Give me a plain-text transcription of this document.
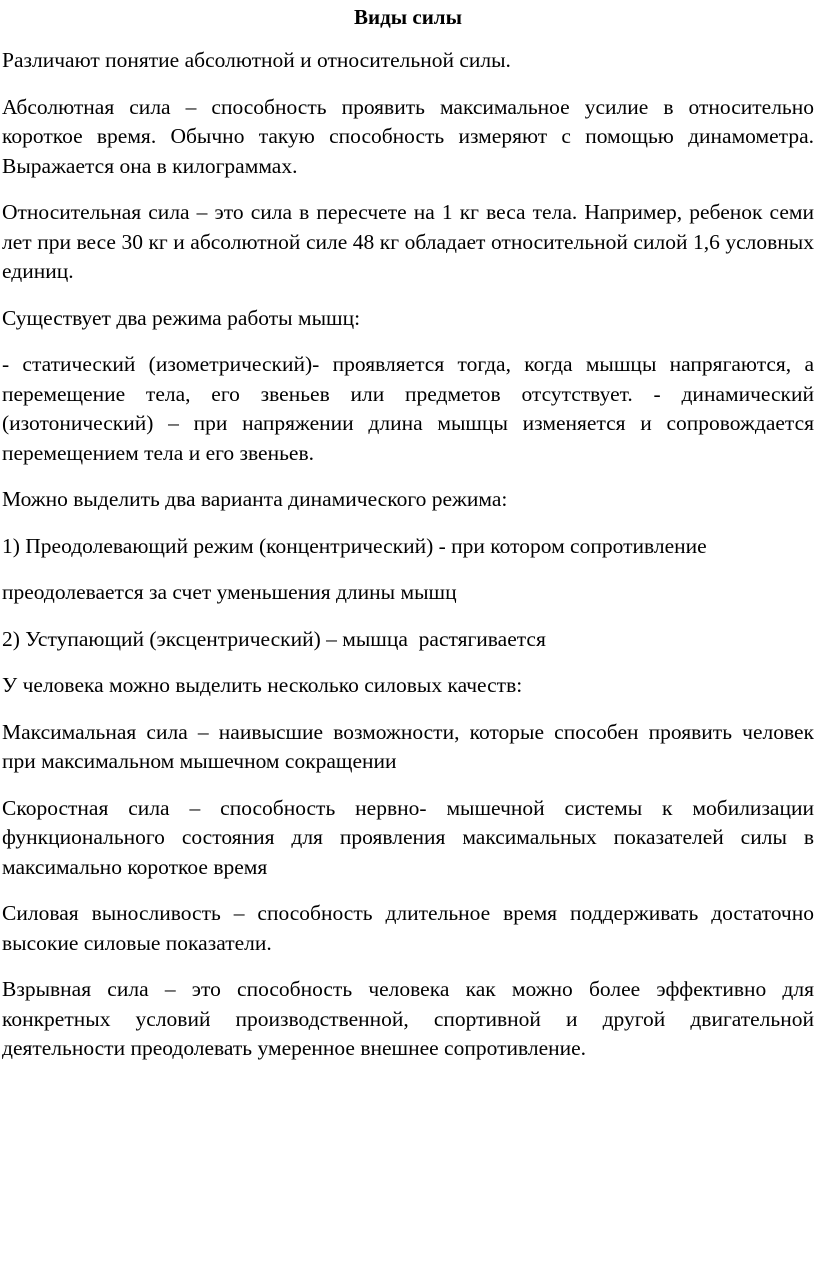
Виды силы

Различают понятие абсолютной и относительной силы.

Абсолютная сила – способность проявить максимальное усилие в относительно короткое время. Обычно такую способность измеряют с помощью динамометра. Выражается она в килограммах.

Относительная сила – это сила в пересчете на 1 кг веса тела. Например, ребенок семи лет при весе 30 кг и абсолютной силе 48 кг обладает относительной силой 1,6 условных единиц.

Существует два режима работы мышц:

- статический (изометрический)- проявляется тогда, когда мышцы напрягаются, а перемещение тела, его звеньев или предметов отсутствует. - динамический (изотонический) – при напряжении длина мышцы изменяется и сопровождается перемещением тела и его звеньев.

Можно выделить два варианта динамического режима:

1) Преодолевающий режим (концентрический) - при котором сопротивление

преодолевается за счет уменьшения длины мышц

2) Уступающий (эксцентрический) – мышца  растягивается

У человека можно выделить несколько силовых качеств:

Максимальная сила – наивысшие возможности, которые способен проявить человек при максимальном мышечном сокращении

Скоростная сила – способность нервно- мышечной системы к мобилизации функционального состояния для проявления максимальных показателей силы в максимально короткое время

Силовая выносливость – способность длительное время поддерживать достаточно высокие силовые показатели.

Взрывная сила – это способность человека как можно более эффективно для конкретных условий производственной, спортивной и другой двигательной деятельности преодолевать умеренное внешнее сопротивление.
